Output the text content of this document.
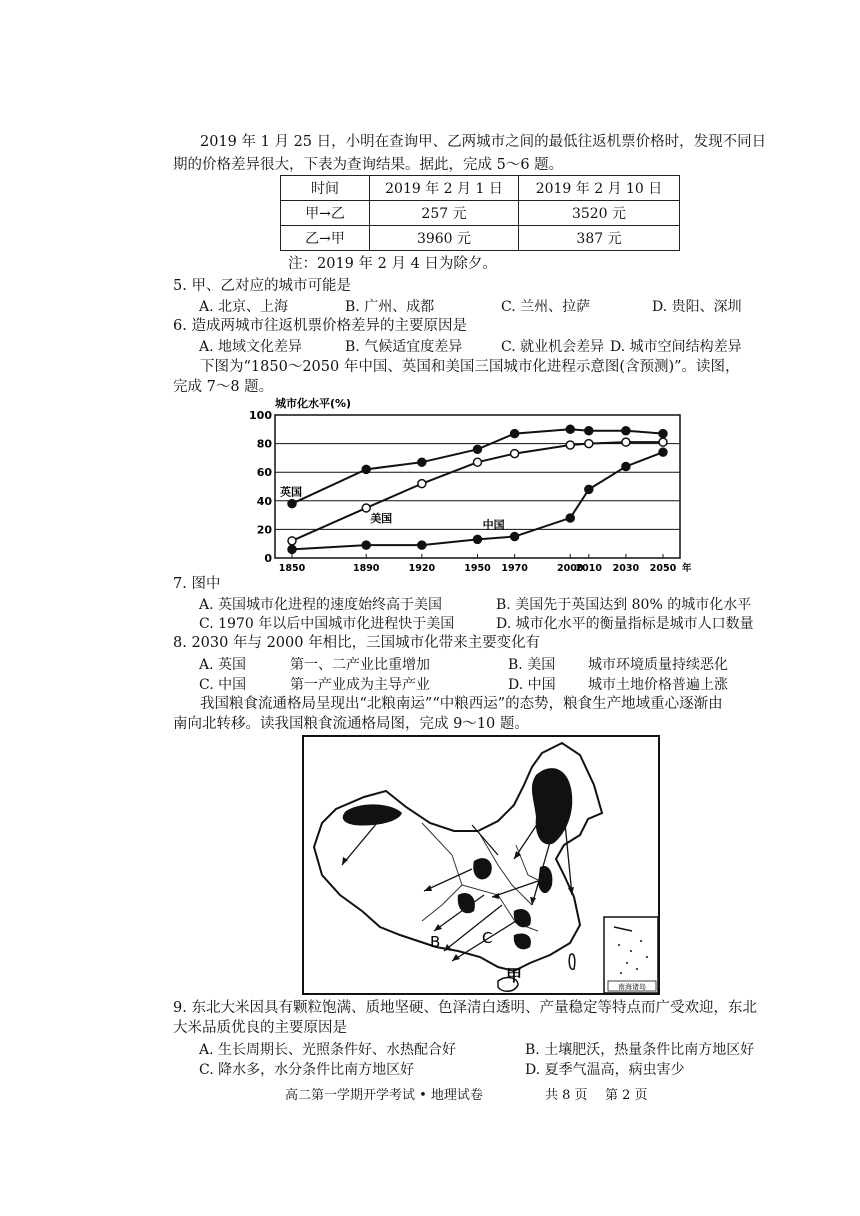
2019 年 1 月 25 日，小明在查询甲、乙两城市之间的最低往返机票价格时，发现不同日
期的价格差异很大，下表为查询结果。据此，完成 5～6 题。
时间	2019 年 2 月 1 日	2019 年 2 月 10 日
甲→乙	257 元	3520 元
乙→甲	3960 元	387 元
注：2019 年 2 月 4 日为除夕。
5. 甲、乙对应的城市可能是
A. 北京、上海	B. 广州、成都	C. 兰州、拉萨	D. 贵阳、深圳
6. 造成两城市往返机票价格差异的主要原因是
A. 地域文化差异	B. 气候适宜度差异	C. 就业机会差异 D. 城市空间结构差异
下图为“1850～2050 年中国、英国和美国三国城市化进程示意图(含预测)”。读图，
完成 7～8 题。
城市化水平(%)
0
20
40
60
80
100
1850	1890	1920	1950 1970	2000
2010 2030 2050 年
英国
美国
中国
7. 图中
A. 英国城市化进程的速度始终高于美国	B. 美国先于英国达到 80% 的城市化水平
C. 1970 年以后中国城市化进程快于美国	D. 城市化水平的衡量指标是城市人口数量
8. 2030 年与 2000 年相比，三国城市化带来主要变化有
A. 英国	第一、二产业比重增加	B. 美国 城市环境质量持续恶化
C. 中国	第一产业成为主导产业	D. 中国 城市土地价格普遍上涨
我国粮食流通格局呈现出“北粮南运”“中粮西运”的态势，粮食生产地域重心逐渐由
南向北转移。读我国粮食流通格局图，完成 9～10 题。
B	C
甲
南海诸岛
9. 东北大米因具有颗粒饱满、质地坚硬、色泽清白透明、产量稳定等特点而广受欢迎，东北
大米品质优良的主要原因是
A. 生长周期长、光照条件好、水热配合好	B. 土壤肥沃，热量条件比南方地区好
C. 降水多，水分条件比南方地区好	D. 夏季气温高，病虫害少
高二第一学期开学考试 • 地理试卷	共 8 页 第 2 页
